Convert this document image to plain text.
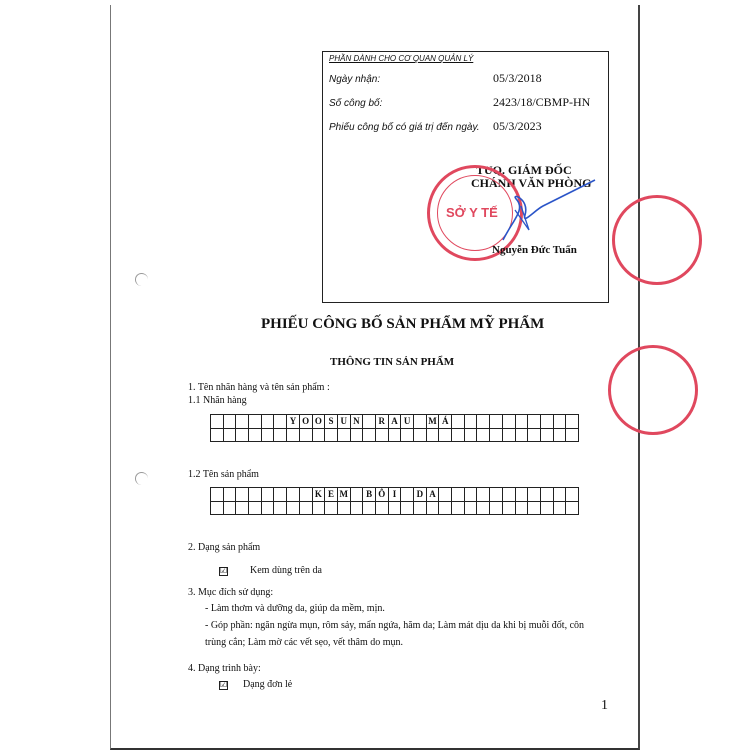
PHẦN DÀNH CHO CƠ QUAN QUẢN LÝ
Ngày nhận:	05/3/2018
Số công bố:	2423/18/CBMP-HN
Phiếu công bố có giá trị đến ngày. 05/3/2023
TUQ. GIÁM ĐỐC
CHÁNH VĂN PHÒNG
SỞ Y TẾ
Nguyễn Đức Tuấn
PHIẾU CÔNG BỐ SẢN PHẨM MỸ PHẨM
THÔNG TIN SẢN PHẨM
1. Tên nhãn hàng và tên sản phẩm :
1.1 Nhãn hàng
						Y	O	O	S	U	N		R	A	U		M	Á										

1.2 Tên sản phẩm
								K	E	M		B	Ô	I		D	A											

2. Dạng sản phẩm
☑ Kem dùng trên da
3. Mục đích sử dụng:
- Làm thơm và dưỡng da, giúp da mềm, mịn.
- Góp phần: ngăn ngừa mụn, rôm sảy, mẩn ngứa, hăm da; Làm mát dịu da khi bị muỗi đốt, côn
trùng cắn; Làm mờ các vết sẹo, vết thâm do mụn.
4. Dạng trình bày:
☑ Dạng đơn lẻ
1
